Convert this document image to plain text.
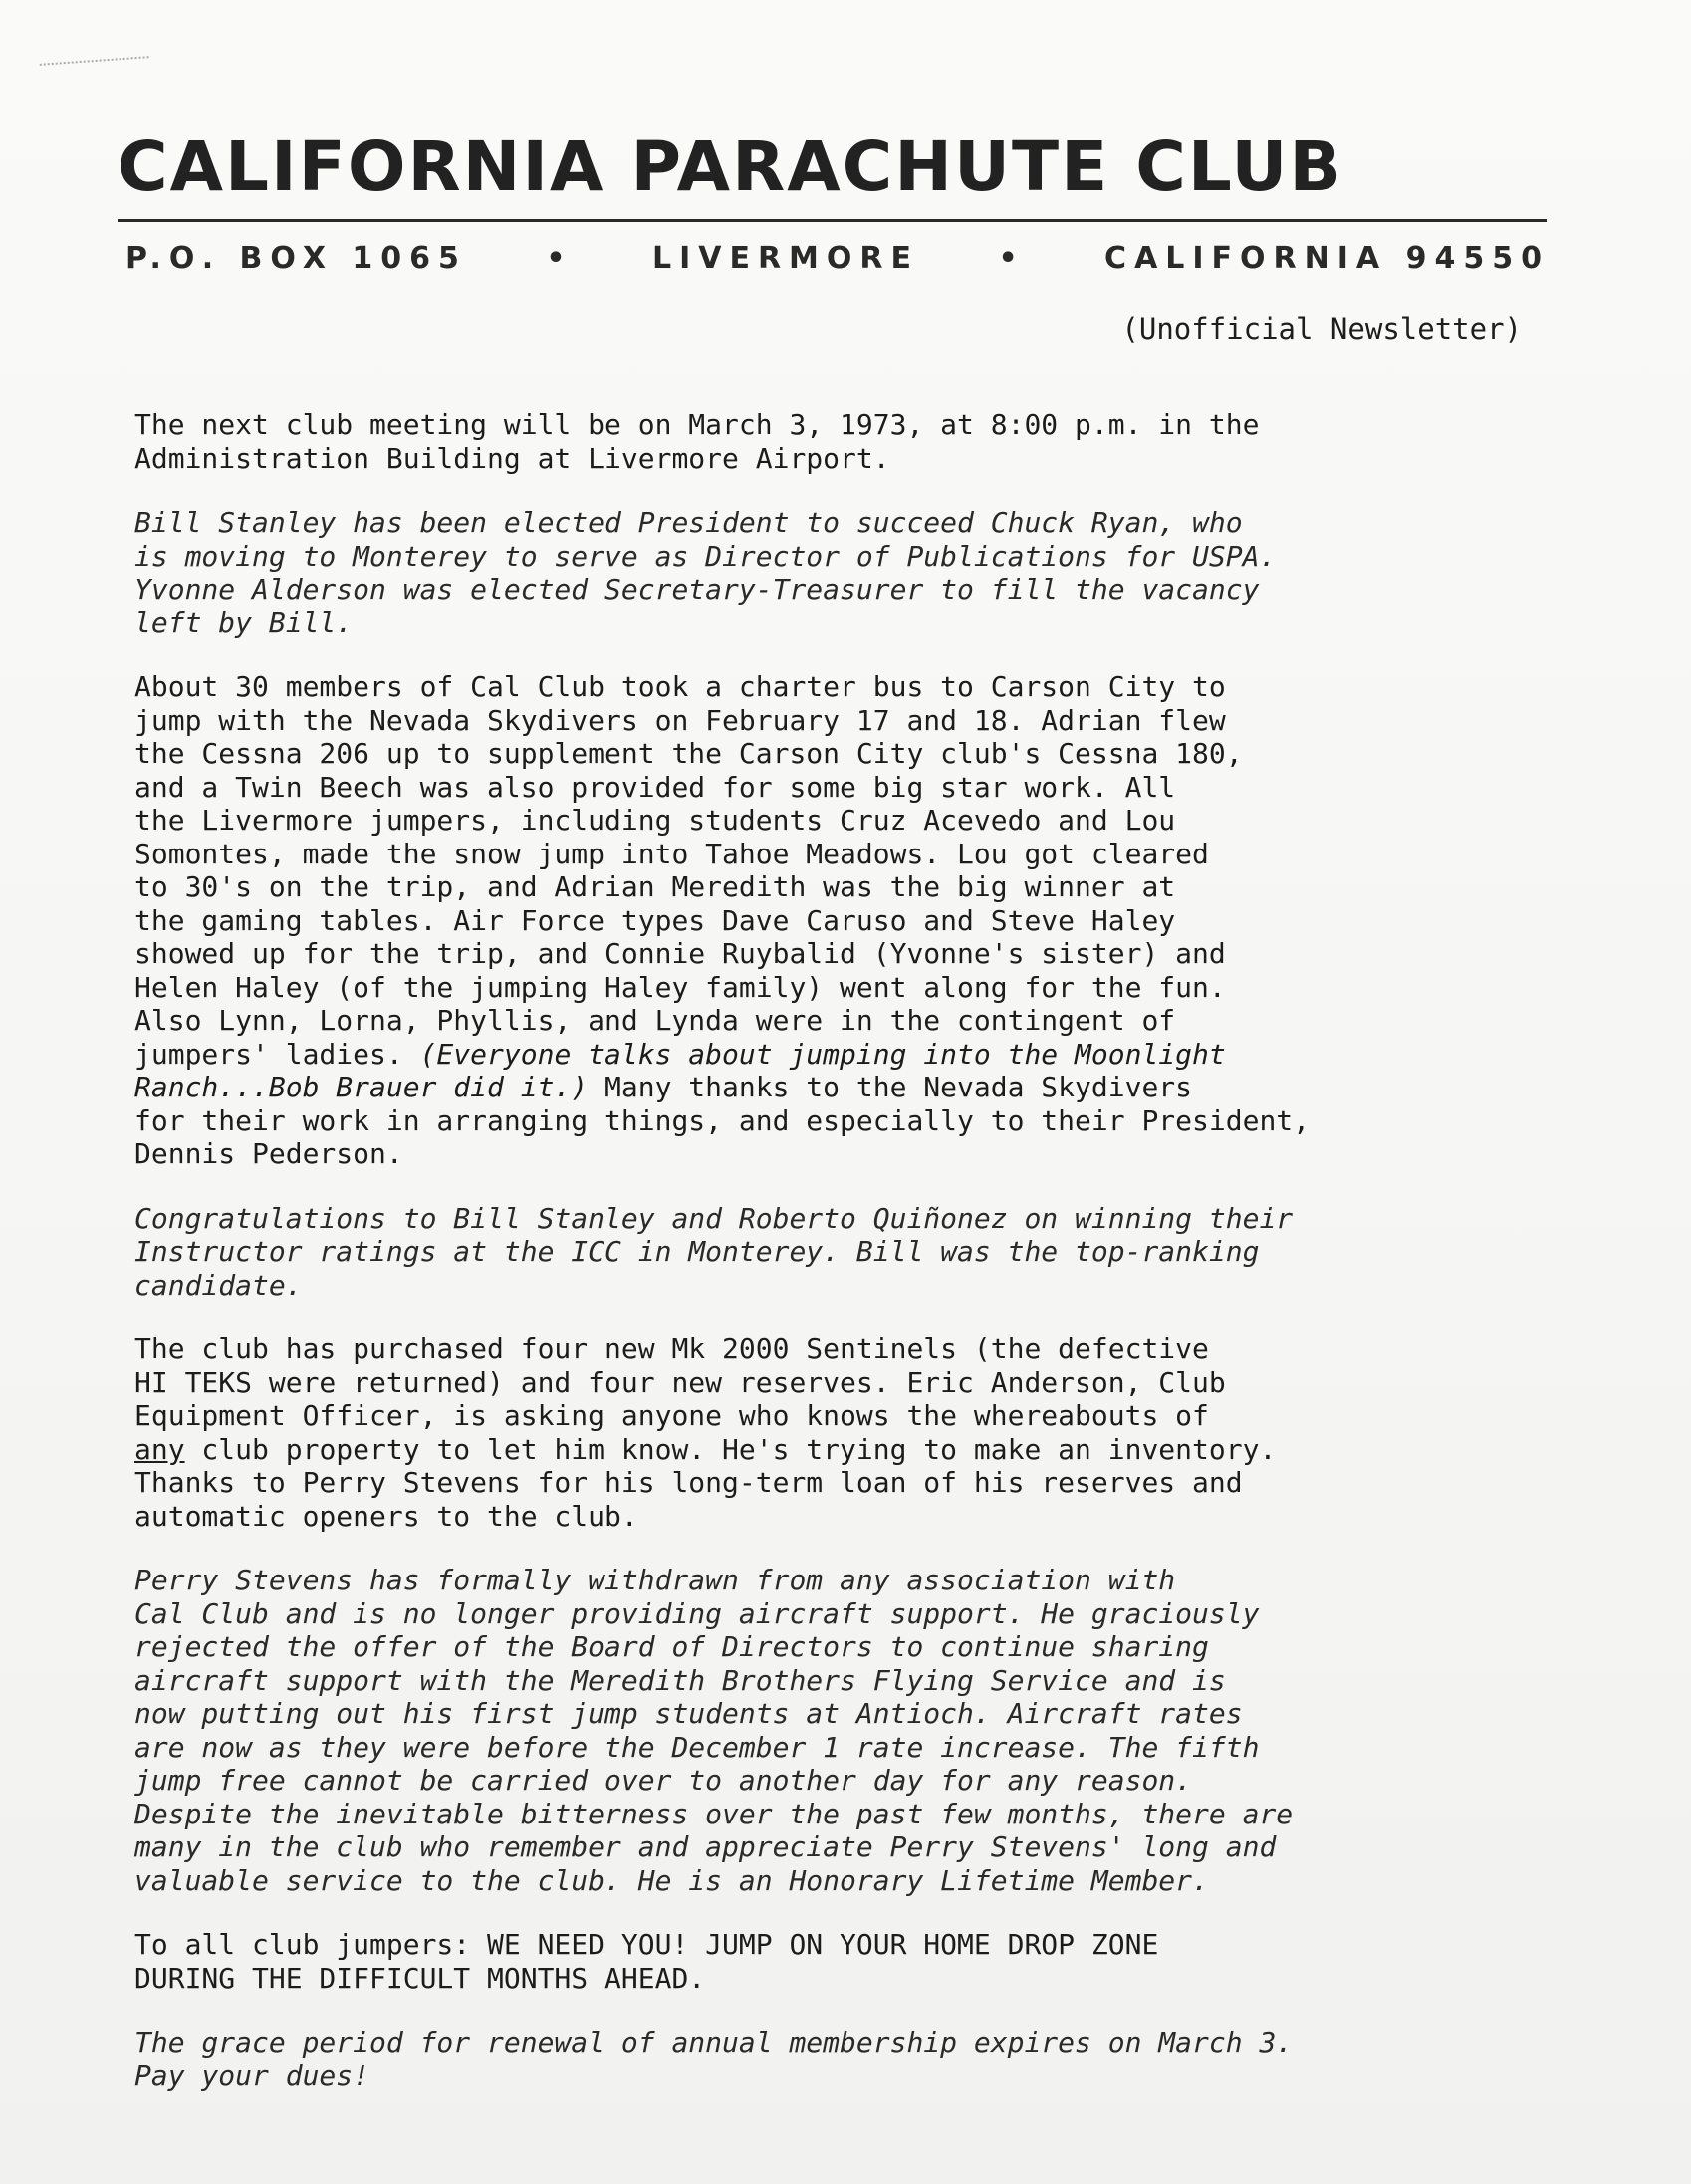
CALIFORNIA PARACHUTE CLUB
P.O. BOX 1065	•	LIVERMORE	•	CALIFORNIA 94550
(Unofficial Newsletter)

The next club meeting will be on March 3, 1973, at 8:00 p.m. in the
Administration Building at Livermore Airport.

Bill Stanley has been elected President to succeed Chuck Ryan, who
is moving to Monterey to serve as Director of Publications for USPA.
Yvonne Alderson was elected Secretary-Treasurer to fill the vacancy
left by Bill.

About 30 members of Cal Club took a charter bus to Carson City to
jump with the Nevada Skydivers on February 17 and 18. Adrian flew
the Cessna 206 up to supplement the Carson City club's Cessna 180,
and a Twin Beech was also provided for some big star work. All
the Livermore jumpers, including students Cruz Acevedo and Lou
Somontes, made the snow jump into Tahoe Meadows. Lou got cleared
to 30's on the trip, and Adrian Meredith was the big winner at
the gaming tables. Air Force types Dave Caruso and Steve Haley
showed up for the trip, and Connie Ruybalid (Yvonne's sister) and
Helen Haley (of the jumping Haley family) went along for the fun.
Also Lynn, Lorna, Phyllis, and Lynda were in the contingent of
jumpers' ladies. (Everyone talks about jumping into the Moonlight
Ranch...Bob Brauer did it.) Many thanks to the Nevada Skydivers
for their work in arranging things, and especially to their President,
Dennis Pederson.

Congratulations to Bill Stanley and Roberto Quiñonez on winning their
Instructor ratings at the ICC in Monterey. Bill was the top-ranking
candidate.

The club has purchased four new Mk 2000 Sentinels (the defective
HI TEKS were returned) and four new reserves. Eric Anderson, Club
Equipment Officer, is asking anyone who knows the whereabouts of
any club property to let him know. He's trying to make an inventory.
Thanks to Perry Stevens for his long-term loan of his reserves and
automatic openers to the club.

Perry Stevens has formally withdrawn from any association with
Cal Club and is no longer providing aircraft support. He graciously
rejected the offer of the Board of Directors to continue sharing
aircraft support with the Meredith Brothers Flying Service and is
now putting out his first jump students at Antioch. Aircraft rates
are now as they were before the December 1 rate increase. The fifth
jump free cannot be carried over to another day for any reason.
Despite the inevitable bitterness over the past few months, there are
many in the club who remember and appreciate Perry Stevens' long and
valuable service to the club. He is an Honorary Lifetime Member.

To all club jumpers: WE NEED YOU! JUMP ON YOUR HOME DROP ZONE
DURING THE DIFFICULT MONTHS AHEAD.

The grace period for renewal of annual membership expires on March 3.
Pay your dues!
